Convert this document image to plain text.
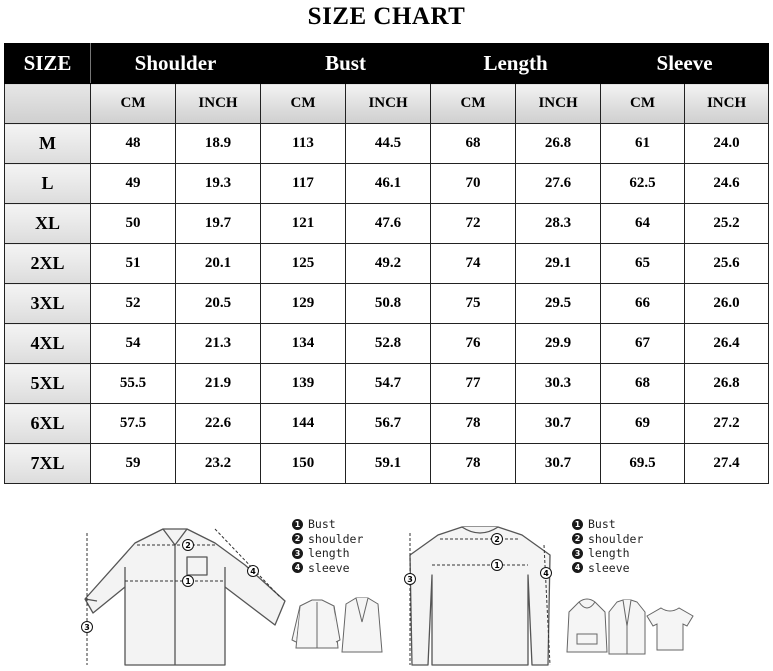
SIZE CHART
SIZE	Shoulder		Bust		Length		Sleeve	
	CM	INCH	CM	INCH	CM	INCH	CM	INCH
M	48	18.9	113	44.5	68	26.8	61	24.0
L	49	19.3	117	46.1	70	27.6	62.5	24.6
XL	50	19.7	121	47.6	72	28.3	64	25.2
2XL	51	20.1	125	49.2	74	29.1	65	25.6
3XL	52	20.5	129	50.8	75	29.5	66	26.0
4XL	54	21.3	134	52.8	76	29.9	67	26.4
5XL	55.5	21.9	139	54.7	77	30.3	68	26.8
6XL	57.5	22.6	144	56.7	78	30.7	69	27.2
7XL	59	23.2	150	59.1	78	30.7	69.5	27.4
1
2
3
4
1 Bust
2 shoulder
3 length
4 sleeve	1
2
3
4
1 Bust
2 shoulder
3 length
4 sleeve
